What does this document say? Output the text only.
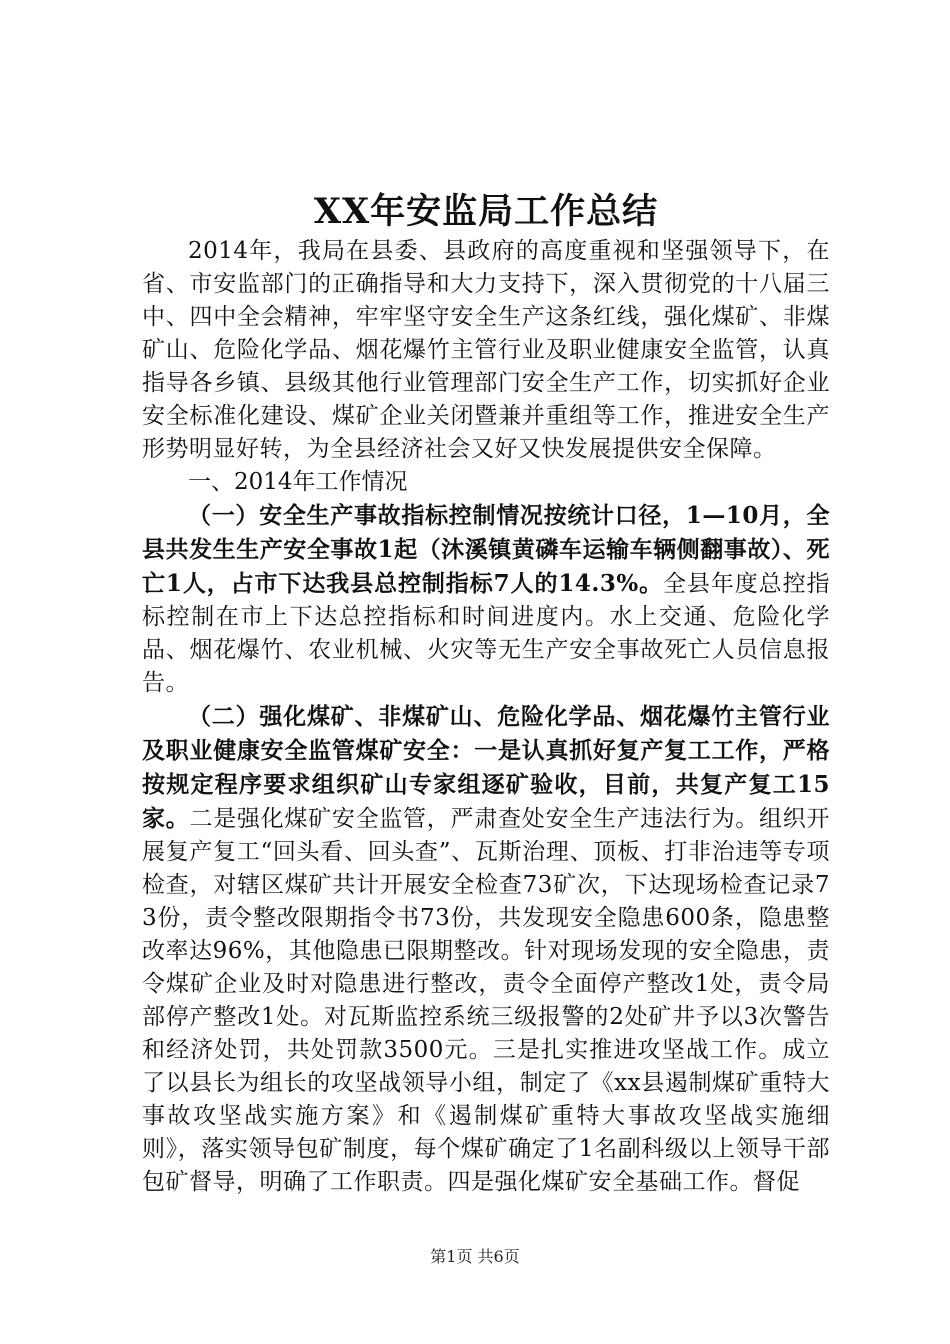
XX年安监局工作总结

2014年，我局在县委、县政府的高度重视和坚强领导下，在省、市安监部门的正确指导和大力支持下，深入贯彻党的十八届三中、四中全会精神，牢牢坚守安全生产这条红线，强化煤矿、非煤矿山、危险化学品、烟花爆竹主管行业及职业健康安全监管，认真指导各乡镇、县级其他行业管理部门安全生产工作，切实抓好企业安全标准化建设、煤矿企业关闭暨兼并重组等工作，推进安全生产形势明显好转，为全县经济社会又好又快发展提供安全保障。

一、2014年工作情况

（一）安全生产事故指标控制情况按统计口径，1—10月，全县共发生生产安全事故1起（沐溪镇黄磷车运输车辆侧翻事故）、死亡1人，占市下达我县总控制指标7人的14.3%。全县年度总控指标控制在市上下达总控指标和时间进度内。水上交通、危险化学品、烟花爆竹、农业机械、火灾等无生产安全事故死亡人员信息报告。

（二）强化煤矿、非煤矿山、危险化学品、烟花爆竹主管行业及职业健康安全监管煤矿安全：一是认真抓好复产复工工作，严格按规定程序要求组织矿山专家组逐矿验收，目前，共复产复工15家。二是强化煤矿安全监管，严肃查处安全生产违法行为。组织开展复产复工“回头看、回头查”、瓦斯治理、顶板、打非治违等专项检查，对辖区煤矿共计开展安全检查73矿次，下达现场检查记录73份，责令整改限期指令书73份，共发现安全隐患600条，隐患整改率达96%，其他隐患已限期整改。针对现场发现的安全隐患，责令煤矿企业及时对隐患进行整改，责令全面停产整改1处，责令局部停产整改1处。对瓦斯监控系统三级报警的2处矿井予以3次警告和经济处罚，共处罚款3500元。三是扎实推进攻坚战工作。成立了以县长为组长的攻坚战领导小组，制定了《xx县遏制煤矿重特大事故攻坚战实施方案》和《遏制煤矿重特大事故攻坚战实施细则》，落实领导包矿制度，每个煤矿确定了1名副科级以上领导干部包矿督导，明确了工作职责。四是强化煤矿安全基础工作。督促

第1页 共6页
